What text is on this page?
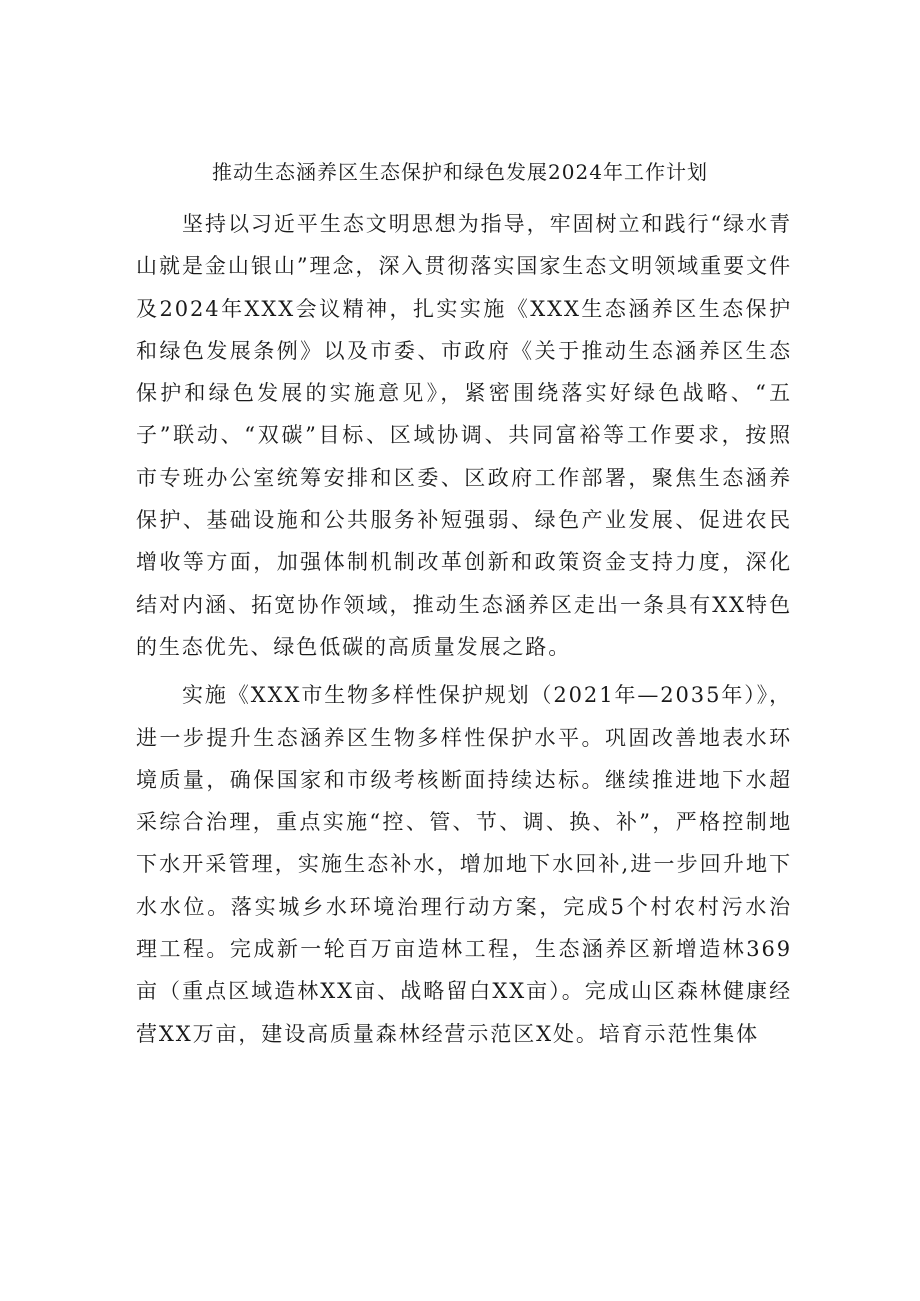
推动生态涵养区生态保护和绿色发展2024年工作计划

坚持以习近平生态文明思想为指导，牢固树立和践行“绿水青山就是金山银山”理念，深入贯彻落实国家生态文明领域重要文件及2024年XXX会议精神，扎实实施《XXX生态涵养区生态保护和绿色发展条例》以及市委、市政府《关于推动生态涵养区生态保护和绿色发展的实施意见》，紧密围绕落实好绿色战略、“五子”联动、“双碳”目标、区域协调、共同富裕等工作要求，按照市专班办公室统筹安排和区委、区政府工作部署，聚焦生态涵养保护、基础设施和公共服务补短强弱、绿色产业发展、促进农民增收等方面，加强体制机制改革创新和政策资金支持力度，深化结对内涵、拓宽协作领域，推动生态涵养区走出一条具有XX特色的生态优先、绿色低碳的高质量发展之路。

实施《XXX市生物多样性保护规划（2021年—2035年）》，进一步提升生态涵养区生物多样性保护水平。巩固改善地表水环境质量，确保国家和市级考核断面持续达标。继续推进地下水超采综合治理，重点实施“控、管、节、调、换、补”，严格控制地下水开采管理，实施生态补水，增加地下水回补,进一步回升地下水水位。落实城乡水环境治理行动方案，完成5个村农村污水治理工程。完成新一轮百万亩造林工程，生态涵养区新增造林369亩（重点区域造林XX亩、战略留白XX亩）。完成山区森林健康经营XX万亩，建设高质量森林经营示范区X处。培育示范性集体
